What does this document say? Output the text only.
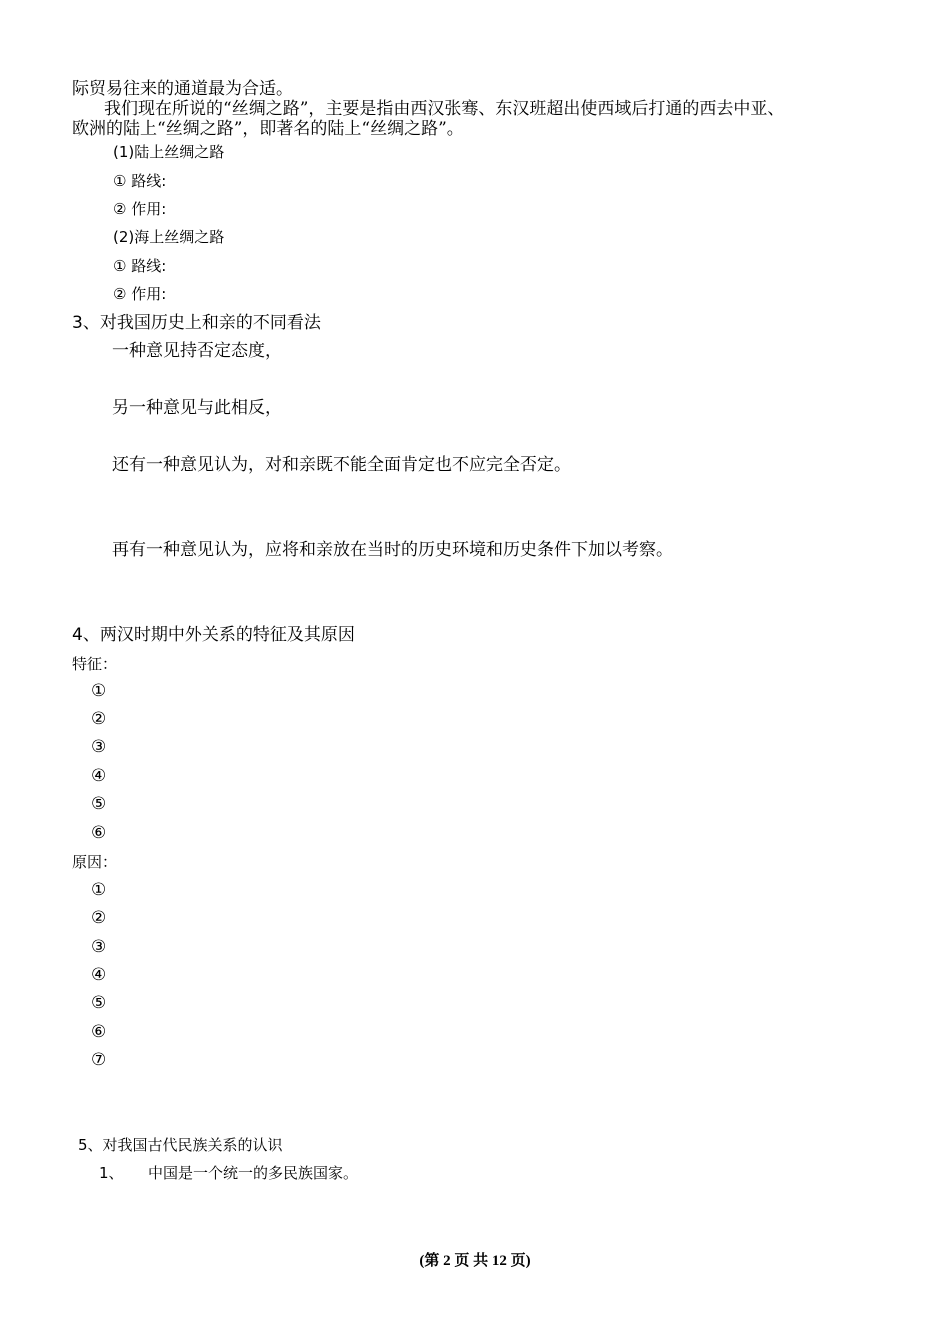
际贸易往来的通道最为合适。
我们现在所说的“丝绸之路”，主要是指由西汉张骞、东汉班超出使西域后打通的西去中亚、
欧洲的陆上“丝绸之路”，即著名的陆上“丝绸之路”。
(1)陆上丝绸之路
① 路线:
② 作用:
(2)海上丝绸之路
① 路线:
② 作用:
3、对我国历史上和亲的不同看法
一种意见持否定态度，
另一种意见与此相反，
还有一种意见认为，对和亲既不能全面肯定也不应完全否定。
再有一种意见认为，应将和亲放在当时的历史环境和历史条件下加以考察。
4、两汉时期中外关系的特征及其原因
特征：
①
②
③
④
⑤
⑥
原因：
①
②
③
④
⑤
⑥
⑦
5、对我国古代民族关系的认识
1、 中国是一个统一的多民族国家。
(第 2 页 共 12 页)
